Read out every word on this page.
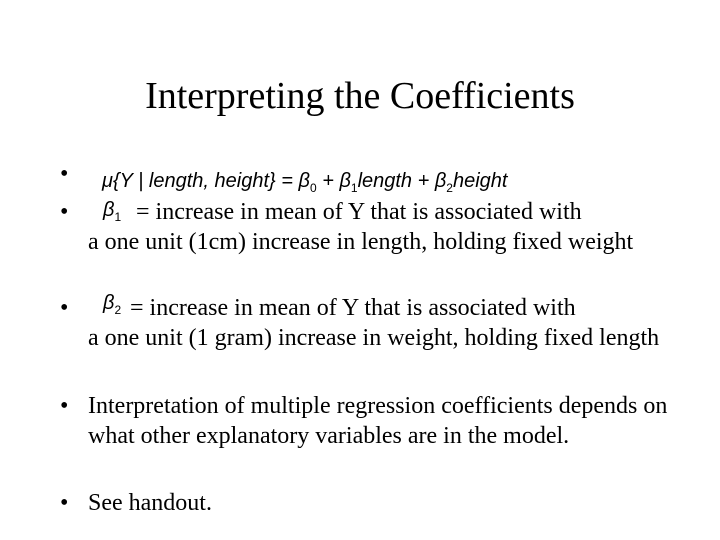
Interpreting the Coefficients
μ{Y | length, height} = $\beta_0$ + $\beta_1length$ + $\beta_2height$
$\beta_1$
$\beta_2$
•
•	= increase in mean of Y that is associated with
a one unit (1cm) increase in length, holding fixed weight
•	= increase in mean of Y that is associated with
a one unit (1 gram) increase in weight, holding fixed length
• Interpretation of multiple regression coefficients depends on what other explanatory variables are in the model.
• See handout.
